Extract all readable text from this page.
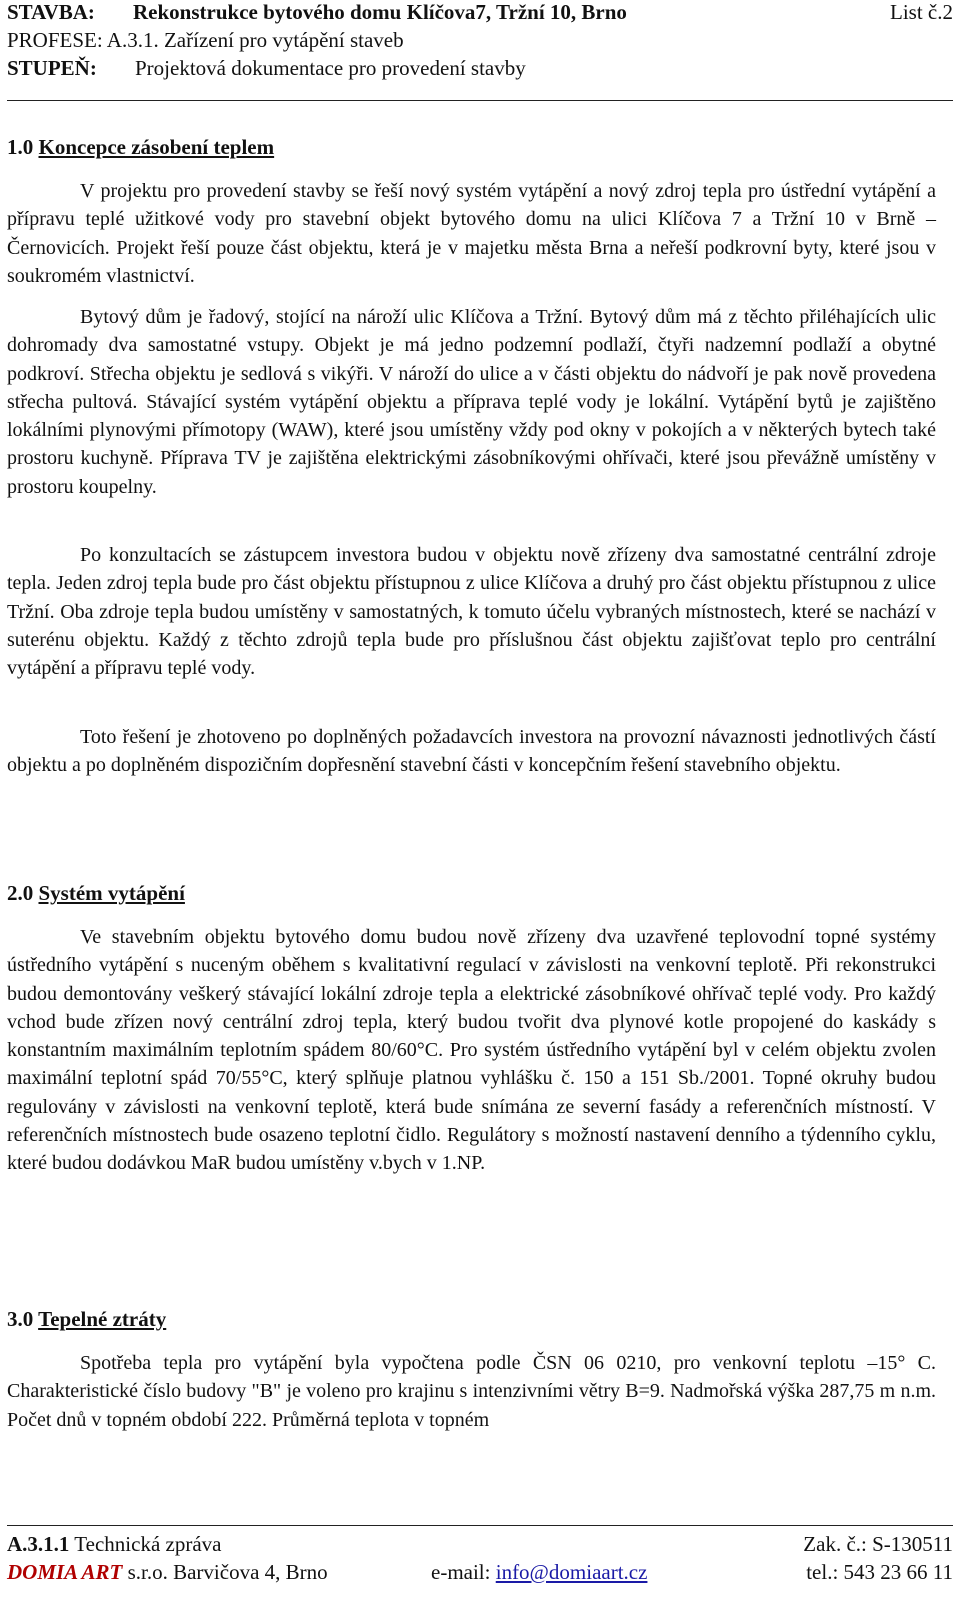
STAVBA: Rekonstrukce bytového domu Klíčova7, Tržní 10, Brno	List č.2
PROFESE: A.3.1. Zařízení pro vytápění staveb
STUPEŇ: Projektová dokumentace pro provedení stavby
1.0 Koncepce zásobení teplem

V projektu pro provedení stavby se řeší nový systém vytápění a nový zdroj tepla pro ústřední vytápění a přípravu teplé užitkové vody pro stavební objekt bytového domu na ulici Klíčova 7 a Tržní 10 v Brně – Černovicích. Projekt řeší pouze část objektu, která je v majetku města Brna a neřeší podkrovní byty, které jsou v soukromém vlastnictví.

Bytový dům je řadový, stojící na nároží ulic Klíčova a Tržní. Bytový dům má z těchto přiléhajících ulic dohromady dva samostatné vstupy. Objekt je má jedno podzemní podlaží, čtyři nadzemní podlaží a obytné podkroví. Střecha objektu je sedlová s vikýři. V nároží do ulice a v části objektu do nádvoří je pak nově provedena střecha pultová. Stávající systém vytápění objektu a příprava teplé vody je lokální. Vytápění bytů je zajištěno lokálními plynovými přímotopy (WAW), které jsou umístěny vždy pod okny v pokojích a v některých bytech také prostoru kuchyně. Příprava TV je zajištěna elektrickými zásobníkovými ohřívači, které jsou převážně umístěny v prostoru koupelny.

Po konzultacích se zástupcem investora budou v objektu nově zřízeny dva samostatné centrální zdroje tepla. Jeden zdroj tepla bude pro část objektu přístupnou z ulice Klíčova a druhý pro část objektu přístupnou z ulice Tržní. Oba zdroje tepla budou umístěny v samostatných, k tomuto účelu vybraných místnostech, které se nachází v suterénu objektu. Každý z těchto zdrojů tepla bude pro příslušnou část objektu zajišťovat teplo pro centrální vytápění a přípravu teplé vody.

Toto řešení je zhotoveno po doplněných požadavcích investora na provozní návaznosti jednotlivých částí objektu a po doplněném dispozičním dopřesnění stavební části v koncepčním řešení stavebního objektu.

2.0 Systém vytápění

Ve stavebním objektu bytového domu budou nově zřízeny dva uzavřené teplovodní topné systémy ústředního vytápění s nuceným oběhem s kvalitativní regulací v závislosti na venkovní teplotě. Při rekonstrukci budou demontovány veškerý stávající lokální zdroje tepla a elektrické zásobníkové ohřívač teplé vody. Pro každý vchod bude zřízen nový centrální zdroj tepla, který budou tvořit dva plynové kotle propojené do kaskády s konstantním maximálním teplotním spádem 80/60°C. Pro systém ústředního vytápění byl v celém objektu zvolen maximální teplotní spád 70/55°C, který splňuje platnou vyhlášku č. 150 a 151 Sb./2001. Topné okruhy budou regulovány v závislosti na venkovní teplotě, která bude snímána ze severní fasády a referenčních místností. V referenčních místnostech bude osazeno teplotní čidlo. Regulátory s možností nastavení denního a týdenního cyklu, které budou dodávkou MaR budou umístěny v.bych v 1.NP.

3.0 Tepelné ztráty

Spotřeba tepla pro vytápění byla vypočtena podle ČSN 06 0210, pro venkovní teplotu –15° C. Charakteristické číslo budovy "B" je voleno pro krajinu s intenzivními větry B=9. Nadmořská výška 287,75 m n.m. Počet dnů v topném období 222. Průměrná teplota v topném

A.3.1.1 Technická zpráva	Zak. č.: S-130511
DOMIA ART s.r.o. Barvičova 4, Brno	e-mail: info@domiaart.cz	tel.: 543 23 66 11
